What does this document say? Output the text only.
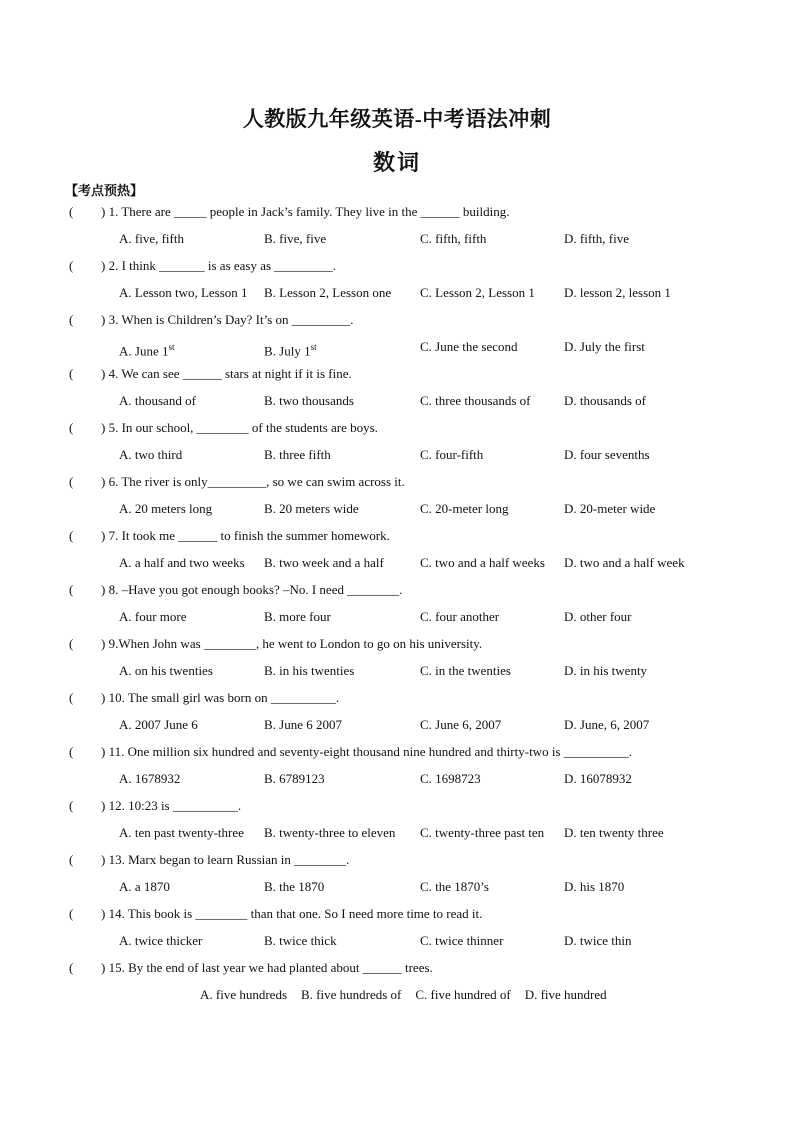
人教版九年级英语-中考语法冲刺
数词
【考点预热】
( ) 1. There are _____ people in Jack’s family. They live in the ______ building.
A. five, fifth	B. five, five	C. fifth, fifth	D. fifth, five
( ) 2. I think _______ is as easy as _________.
A. Lesson two, Lesson 1 B. Lesson 2, Lesson one C. Lesson 2, Lesson 1 D. lesson 2, lesson 1
( ) 3. When is Children’s Day? It’s on _________.
A. June 1st	B. July 1st	C. June the second	D. July the first
( ) 4. We can see ______ stars at night if it is fine.
A. thousand of	B. two thousands	C. three thousands of	D. thousands of
( ) 5. In our school, ________ of the students are boys.
A. two third	B. three fifth	C. four-fifth	D. four sevenths
( ) 6. The river is only_________, so we can swim across it.
A. 20 meters long	B. 20 meters wide	C. 20-meter long	D. 20-meter wide
( ) 7. It took me ______ to finish the summer homework.
A. a half and two weeks B. two week and a half	C. two and a half weeks D. two and a half week
( ) 8. –Have you got enough books? –No. I need ________.
A. four more	B. more four	C. four another	D. other four
( ) 9.When John was ________, he went to London to go on his university.
A. on his twenties	B. in his twenties	C. in the twenties	D. in his twenty
( ) 10. The small girl was born on __________.
A. 2007 June 6	B. June 6 2007	C. June 6, 2007	D. June, 6, 2007
( ) 11. One million six hundred and seventy-eight thousand nine hundred and thirty-two is __________.
A. 1678932	B. 6789123	C. 1698723	D. 16078932
( ) 12. 10:23 is __________.
A. ten past twenty-three B. twenty-three to eleven C. twenty-three past ten D. ten twenty three
( ) 13. Marx began to learn Russian in ________.
A. a 1870	B. the 1870	C. the 1870’s	D. his 1870
( ) 14. This book is ________ than that one. So I need more time to read it.
A. twice thicker	B. twice thick	C. twice thinner	D. twice thin
( ) 15. By the end of last year we had planted about ______ trees.
A. five hundreds B. five hundreds of C. five hundred of D. five hundred
